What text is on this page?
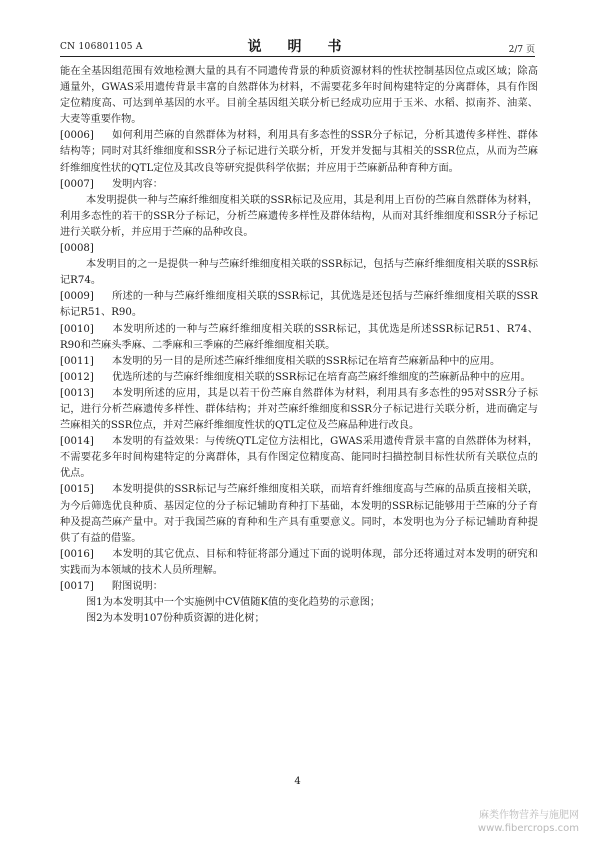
CN 106801105 A	说　明　书	2/7 页

能在全基因组范围有效地检测大量的具有不同遗传背景的种质资源材料的性状控制基因位点或区域；除高通量外，GWAS采用遗传背景丰富的自然群体为材料，不需要花多年时间构建特定的分离群体，具有作图定位精度高、可达到单基因的水平。目前全基因组关联分析已经成功应用于玉米、水稻、拟南芥、油菜、大麦等重要作物。

[0006] 如何利用苎麻的自然群体为材料，利用具有多态性的SSR分子标记，分析其遗传多样性、群体结构等；同时对其纤维细度和SSR分子标记进行关联分析，开发并发掘与其相关的SSR位点，从而为苎麻纤维细度性状的QTL定位及其改良等研究提供科学依据；并应用于苎麻新品种育种方面。

[0007] 发明内容：

本发明提供一种与苎麻纤维细度相关联的SSR标记及应用，其是利用上百份的苎麻自然群体为材料，利用多态性的若干的SSR分子标记，分析苎麻遗传多样性及群体结构，从而对其纤维细度和SSR分子标记进行关联分析，并应用于苎麻的品种改良。

[0008]

本发明目的之一是提供一种与苎麻纤维细度相关联的SSR标记，包括与苎麻纤维细度相关联的SSR标记R74。

[0009] 所述的一种与苎麻纤维细度相关联的SSR标记，其优选是还包括与苎麻纤维细度相关联的SSR标记R51、R90。

[0010] 本发明所述的一种与苎麻纤维细度相关联的SSR标记，其优选是所述SSR标记R51、R74、R90和苎麻头季麻、二季麻和三季麻的苎麻纤维细度相关联。

[0011] 本发明的另一目的是所述苎麻纤维细度相关联的SSR标记在培育苎麻新品种中的应用。

[0012] 优选所述的与苎麻纤维细度相关联的SSR标记在培育高苎麻纤维细度的苎麻新品种中的应用。

[0013] 本发明所述的应用，其是以若干份苎麻自然群体为材料，利用具有多态性的95对SSR分子标记，进行分析苎麻遗传多样性、群体结构；并对苎麻纤维细度和SSR分子标记进行关联分析，进而确定与苎麻相关的SSR位点，并对苎麻纤维细度性状的QTL定位及苎麻品种进行改良。

[0014] 本发明的有益效果：与传统QTL定位方法相比，GWAS采用遗传背景丰富的自然群体为材料，不需要花多年时间构建特定的分离群体，具有作图定位精度高、能同时扫描控制目标性状所有关联位点的优点。

[0015] 本发明提供的SSR标记与苎麻纤维细度相关联，而培育纤维细度高与苎麻的品质直接相关联，为今后筛选优良种质、基因定位的分子标记辅助育种打下基础，本发明的SSR标记能够用于苎麻的分子育种及提高苎麻产量中。对于我国苎麻的育种和生产具有重要意义。同时，本发明也为分子标记辅助育种提供了有益的借鉴。

[0016] 本发明的其它优点、目标和特征将部分通过下面的说明体现，部分还将通过对本发明的研究和实践而为本领域的技术人员所理解。

[0017] 附图说明：

图1为本发明其中一个实施例中CV值随K值的变化趋势的示意图；

图2为本发明107份种质资源的进化树；

4
麻类作物营养与施肥网
www.fibercrops.com
